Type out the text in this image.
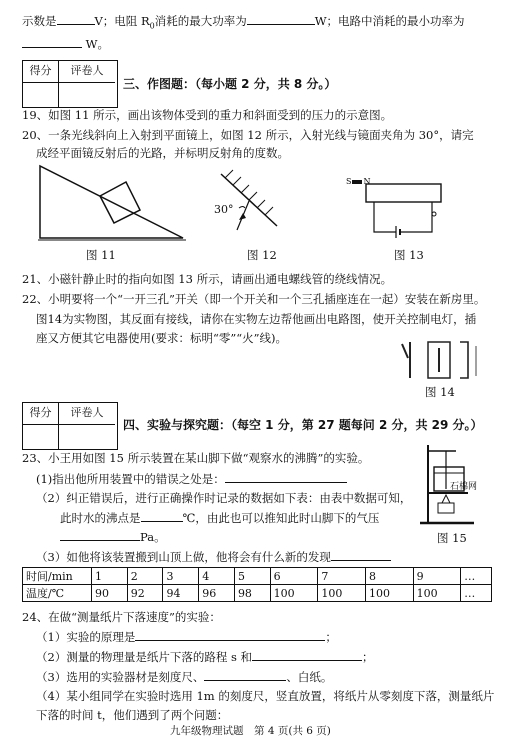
示数是	V；电阻 $R_0$消耗的最大功率为	W；电路中消耗的最小功率为
W。
得分	评卷人
三、作图题：（每小题 2 分，共 8 分。）
19、如图 11 所示，画出该物体受到的重力和斜面受到的压力的示意图。
20、一条光线斜向上入射到平面镜上，如图 12 所示，入射光线与镜面夹角为 30°，请完
成经平面镜反射后的光路，并标明反射角的度数。
图 11
30°
图 12
S N
图 13
21、小磁针静止时的指向如图 13 所示，请画出通电螺线管的绕线情况。
22、小明要将一个“一开三孔”开关（即一个开关和一个三孔插座连在一起）安装在新房里。
图14为实物图，其反面有接线，请你在实物左边帮他画出电路图，使开关控制电灯，插
座又方便其它电器使用(要求：标明“零”“火”线)。
图 14
得分	评卷人
四、实验与探究题：（每空 1 分，第 27 题每问 2 分，共 29 分。）
23、小王用如图 15 所示装置在某山脚下做“观察水的沸腾”的实验。
(1)指出他所用装置中的错误之处是：
（2）纠正错误后，进行正确操作时记录的数据如下表：由表中数据可知，
此时水的沸点是	℃，由此也可以推知此时山脚下的气压
Pa。
（3）如他将该装置搬到山顶上做，他将会有什么新的发现
石棉网
图 15
时间/min	1	2	3	4	5	6	7	8	9	…
温度/℃	90	92	94	96	98	100	100	100	100	…
24、在做“测量纸片下落速度”的实验：
（1）实验的原理是	；
（2）测量的物理量是纸片下落的路程 s 和	；
（3）选用的实验器材是刻度尺、	、白纸。
（4）某小组同学在实验时选用 1m 的刻度尺，竖直放置，将纸片从零刻度下落，测量纸片
下落的时间 t，他们遇到了两个问题：
九年级物理试题　第 4 页(共 6 页)
